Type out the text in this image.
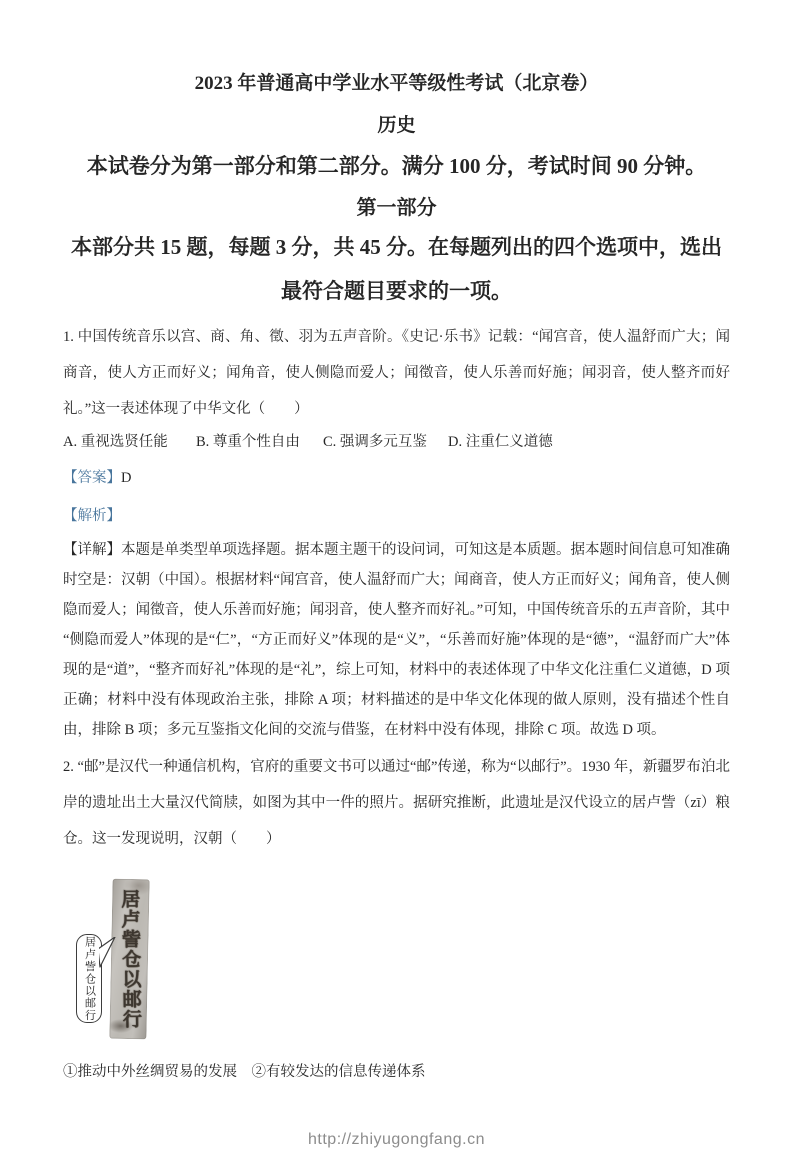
2023 年普通高中学业水平等级性考试（北京卷）
历史
本试卷分为第一部分和第二部分。满分 100 分，考试时间 90 分钟。
第一部分
本部分共 15 题，每题 3 分，共 45 分。在每题列出的四个选项中，选出最符合题目要求的一项。
1. 中国传统音乐以宫、商、角、徵、羽为五声音阶。《史记·乐书》记载：“闻宫音，使人温舒而广大；闻商音，使人方正而好义；闻角音，使人侧隐而爱人；闻徵音，使人乐善而好施；闻羽音，使人整齐而好礼。”这一表述体现了中华文化（　　）
A. 重视选贤任能	B. 尊重个性自由	C. 强调多元互鉴	D. 注重仁义道德
【答案】D
【解析】
【详解】本题是单类型单项选择题。据本题主题干的设问词，可知这是本质题。据本题时间信息可知准确时空是：汉朝（中国）。根据材料“闻宫音，使人温舒而广大；闻商音，使人方正而好义；闻角音，使人侧隐而爱人；闻徵音，使人乐善而好施；闻羽音，使人整齐而好礼。”可知，中国传统音乐的五声音阶，其中“侧隐而爱人”体现的是“仁”，“方正而好义”体现的是“义”，“乐善而好施”体现的是“德”，“温舒而广大”体现的是“道”，“整齐而好礼”体现的是“礼”，综上可知，材料中的表述体现了中华文化注重仁义道德，D 项正确；材料中没有体现政治主张，排除 A 项；材料描述的是中华文化体现的做人原则，没有描述个性自由，排除 B 项；多元互鉴指文化间的交流与借鉴，在材料中没有体现，排除 C 项。故选 D 项。
2. “邮”是汉代一种通信机构，官府的重要文书可以通过“邮”传递，称为“以邮行”。1930 年，新疆罗布泊北岸的遗址出土大量汉代简牍，如图为其中一件的照片。据研究推断，此遗址是汉代设立的居卢訾（zī）粮仓。这一发现说明，汉朝（　　）
居卢訾仓以邮行
居卢訾仓以邮行
①推动中外丝绸贸易的发展　②有较发达的信息传递体系
http://zhiyugongfang.cn
